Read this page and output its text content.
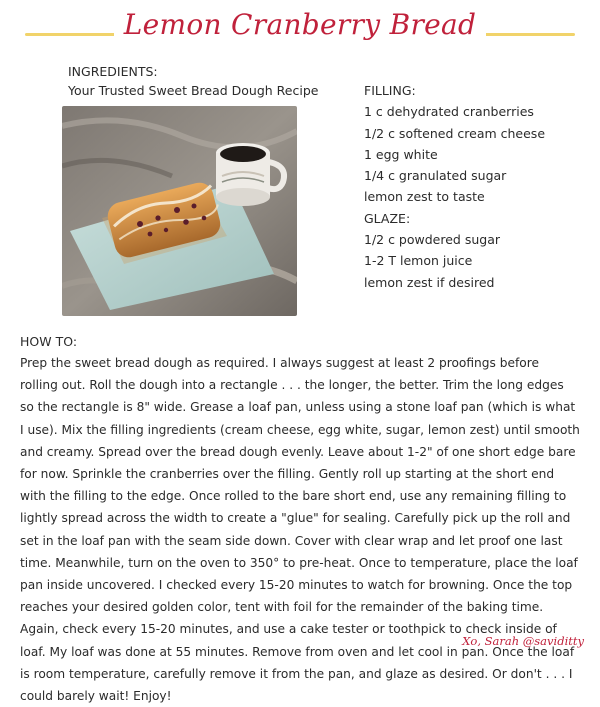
Lemon Cranberry Bread
INGREDIENTS:
Your Trusted Sweet Bread Dough Recipe	FILLING:
1 c dehydrated cranberries
1/2 c softened cream cheese
1 egg white
1/4 c granulated sugar
lemon zest to taste
GLAZE:
1/2 c powdered sugar
1-2 T lemon juice
lemon zest if desired
HOW TO:

Prep the sweet bread dough as required. I always suggest at least 2 proofings before rolling out. Roll the dough into a rectangle . . . the longer, the better. Trim the long edges so the rectangle is 8" wide. Grease a loaf pan, unless using a stone loaf pan (which is what I use). Mix the filling ingredients (cream cheese, egg white, sugar, lemon zest) until smooth and creamy. Spread over the bread dough evenly. Leave about 1-2" of one short edge bare for now. Sprinkle the cranberries over the filling. Gently roll up starting at the short end with the filling to the edge. Once rolled to the bare short end, use any remaining filling to lightly spread across the width to create a "glue" for sealing. Carefully pick up the roll and set in the loaf pan with the seam side down. Cover with clear wrap and let proof one last time. Meanwhile, turn on the oven to 350° to pre-heat. Once to temperature, place the loaf pan inside uncovered. I checked every 15-20 minutes to watch for browning. Once the top reaches your desired golden color, tent with foil for the remainder of the baking time. Again, check every 15-20 minutes, and use a cake tester or toothpick to check inside of loaf. My loaf was done at 55 minutes. Remove from oven and let cool in pan. Once the loaf is room temperature, carefully remove it from the pan, and glaze as desired. Or don't . . . I could barely wait! Enjoy!

Xo, Sarah @saviditty
